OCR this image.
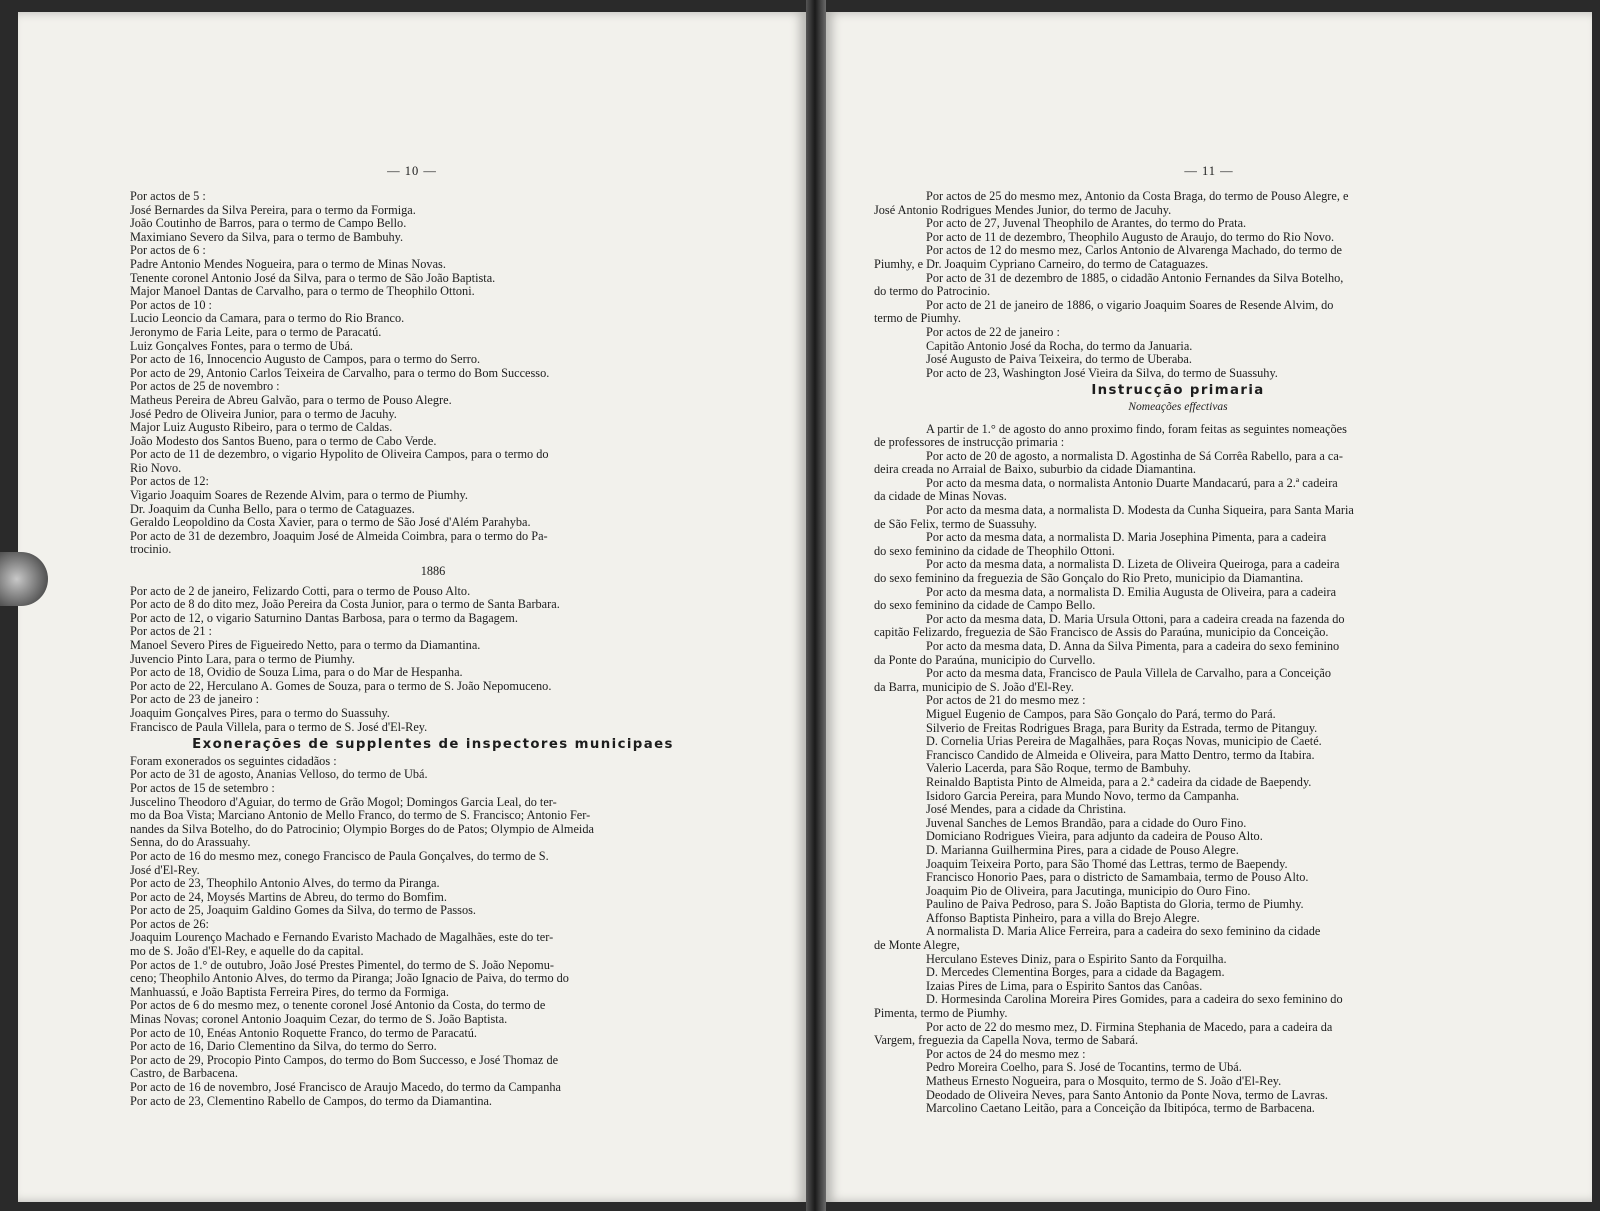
— 10 —
Por actos de 5 :
José Bernardes da Silva Pereira, para o termo da Formiga.
João Coutinho de Barros, para o termo de Campo Bello.
Maximiano Severo da Silva, para o termo de Bambuhy.
Por actos de 6 :
Padre Antonio Mendes Nogueira, para o termo de Minas Novas.
Tenente coronel Antonio José da Silva, para o termo de São João Baptista.
Major Manoel Dantas de Carvalho, para o termo de Theophilo Ottoni.
Por actos de 10 :
Lucio Leoncio da Camara, para o termo do Rio Branco.
Jeronymo de Faria Leite, para o termo de Paracatú.
Luiz Gonçalves Fontes, para o termo de Ubá.
Por acto de 16, Innocencio Augusto de Campos, para o termo do Serro.
Por acto de 29, Antonio Carlos Teixeira de Carvalho, para o termo do Bom Successo.
Por actos de 25 de novembro :
Matheus Pereira de Abreu Galvão, para o termo de Pouso Alegre.
José Pedro de Oliveira Junior, para o termo de Jacuhy.
Major Luiz Augusto Ribeiro, para o termo de Caldas.
João Modesto dos Santos Bueno, para o termo de Cabo Verde.
Por acto de 11 de dezembro, o vigario Hypolito de Oliveira Campos, para o termo do
Rio Novo.
Por actos de 12:
Vigario Joaquim Soares de Rezende Alvim, para o termo de Piumhy.
Dr. Joaquim da Cunha Bello, para o termo de Cataguazes.
Geraldo Leopoldino da Costa Xavier, para o termo de São José d'Além Parahyba.
Por acto de 31 de dezembro, Joaquim José de Almeida Coimbra, para o termo do Pa-
trocinio.
1886
Por acto de 2 de janeiro, Felizardo Cotti, para o termo de Pouso Alto.
Por acto de 8 do dito mez, João Pereira da Costa Junior, para o termo de Santa Barbara.
Por acto de 12, o vigario Saturnino Dantas Barbosa, para o termo da Bagagem.
Por actos de 21 :
Manoel Severo Pires de Figueiredo Netto, para o termo da Diamantina.
Juvencio Pinto Lara, para o termo de Piumhy.
Por acto de 18, Ovidio de Souza Lima, para o do Mar de Hespanha.
Por acto de 22, Herculano A. Gomes de Souza, para o termo de S. João Nepomuceno.
Por acto de 23 de janeiro :
Joaquim Gonçalves Pires, para o termo do Suassuhy.
Francisco de Paula Villela, para o termo de S. José d'El-Rey.
Exonerações de supplentes de inspectores municipaes
Foram exonerados os seguintes cidadãos :
Por acto de 31 de agosto, Ananias Velloso, do termo de Ubá.
Por actos de 15 de setembro :
Juscelino Theodoro d'Aguiar, do termo de Grão Mogol; Domingos Garcia Leal, do ter-
mo da Boa Vista; Marciano Antonio de Mello Franco, do termo de S. Francisco; Antonio Fer-
nandes da Silva Botelho, do do Patrocinio; Olympio Borges do de Patos; Olympio de Almeida
Senna, do do Arassuahy.
Por acto de 16 do mesmo mez, conego Francisco de Paula Gonçalves, do termo de S.
José d'El-Rey.
Por acto de 23, Theophilo Antonio Alves, do termo da Piranga.
Por acto de 24, Moysés Martins de Abreu, do termo do Bomfim.
Por acto de 25, Joaquim Galdino Gomes da Silva, do termo de Passos.
Por actos de 26:
Joaquim Lourenço Machado e Fernando Evaristo Machado de Magalhães, este do ter-
mo de S. João d'El-Rey, e aquelle do da capital.
Por actos de 1.° de outubro, João José Prestes Pimentel, do termo de S. João Nepomu-
ceno; Theophilo Antonio Alves, do termo da Piranga; João Ignacio de Paiva, do termo do
Manhuassú, e João Baptista Ferreira Pires, do termo da Formiga.
Por actos de 6 do mesmo mez, o tenente coronel José Antonio da Costa, do termo de
Minas Novas; coronel Antonio Joaquim Cezar, do termo de S. João Baptista.
Por acto de 10, Enéas Antonio Roquette Franco, do termo de Paracatú.
Por acto de 16, Dario Clementino da Silva, do termo do Serro.
Por acto de 29, Procopio Pinto Campos, do termo do Bom Successo, e José Thomaz de
Castro, de Barbacena.
Por acto de 16 de novembro, José Francisco de Araujo Macedo, do termo da Campanha
Por acto de 23, Clementino Rabello de Campos, do termo da Diamantina.
— 11 —
Por actos de 25 do mesmo mez, Antonio da Costa Braga, do termo de Pouso Alegre, e
José Antonio Rodrigues Mendes Junior, do termo de Jacuhy.
Por acto de 27, Juvenal Theophilo de Arantes, do termo do Prata.
Por acto de 11 de dezembro, Theophilo Augusto de Araujo, do termo do Rio Novo.
Por actos de 12 do mesmo mez, Carlos Antonio de Alvarenga Machado, do termo de
Piumhy, e Dr. Joaquim Cypriano Carneiro, do termo de Cataguazes.
Por acto de 31 de dezembro de 1885, o cidadão Antonio Fernandes da Silva Botelho,
do termo do Patrocinio.
Por acto de 21 de janeiro de 1886, o vigario Joaquim Soares de Resende Alvim, do
termo de Piumhy.
Por actos de 22 de janeiro :
Capitão Antonio José da Rocha, do termo da Januaria.
José Augusto de Paiva Teixeira, do termo de Uberaba.
Por acto de 23, Washington José Vieira da Silva, do termo de Suassuhy.
Instrucção primaria
Nomeações effectivas
A partir de 1.° de agosto do anno proximo findo, foram feitas as seguintes nomeações
de professores de instrucção primaria :
Por acto de 20 de agosto, a normalista D. Agostinha de Sá Corrêa Rabello, para a ca-
deira creada no Arraial de Baixo, suburbio da cidade Diamantina.
Por acto da mesma data, o normalista Antonio Duarte Mandacarú, para a 2.ª cadeira
da cidade de Minas Novas.
Por acto da mesma data, a normalista D. Modesta da Cunha Siqueira, para Santa Maria
de São Felix, termo de Suassuhy.
Por acto da mesma data, a normalista D. Maria Josephina Pimenta, para a cadeira
do sexo feminino da cidade de Theophilo Ottoni.
Por acto da mesma data, a normalista D. Lizeta de Oliveira Queiroga, para a cadeira
do sexo feminino da freguezia de São Gonçalo do Rio Preto, municipio da Diamantina.
Por acto da mesma data, a normalista D. Emilia Augusta de Oliveira, para a cadeira
do sexo feminino da cidade de Campo Bello.
Por acto da mesma data, D. Maria Ursula Ottoni, para a cadeira creada na fazenda do
capitão Felizardo, freguezia de São Francisco de Assis do Paraúna, municipio da Conceição.
Por acto da mesma data, D. Anna da Silva Pimenta, para a cadeira do sexo feminino
da Ponte do Paraúna, municipio do Curvello.
Por acto da mesma data, Francisco de Paula Villela de Carvalho, para a Conceição
da Barra, municipio de S. João d'El-Rey.
Por actos de 21 do mesmo mez :
Miguel Eugenio de Campos, para São Gonçalo do Pará, termo do Pará.
Silverio de Freitas Rodrigues Braga, para Burity da Estrada, termo de Pitanguy.
D. Cornelia Urias Pereira de Magalhães, para Roças Novas, municipio de Caeté.
Francisco Candido de Almeida e Oliveira, para Matto Dentro, termo da Itabira.
Valerio Lacerda, para São Roque, termo de Bambuhy.
Reinaldo Baptista Pinto de Almeida, para a 2.ª cadeira da cidade de Baependy.
Isidoro Garcia Pereira, para Mundo Novo, termo da Campanha.
José Mendes, para a cidade da Christina.
Juvenal Sanches de Lemos Brandão, para a cidade do Ouro Fino.
Domiciano Rodrigues Vieira, para adjunto da cadeira de Pouso Alto.
D. Marianna Guilhermina Pires, para a cidade de Pouso Alegre.
Joaquim Teixeira Porto, para São Thomé das Lettras, termo de Baependy.
Francisco Honorio Paes, para o districto de Samambaia, termo de Pouso Alto.
Joaquim Pio de Oliveira, para Jacutinga, municipio do Ouro Fino.
Paulino de Paiva Pedroso, para S. João Baptista do Gloria, termo de Piumhy.
Affonso Baptista Pinheiro, para a villa do Brejo Alegre.
A normalista D. Maria Alice Ferreira, para a cadeira do sexo feminino da cidade
de Monte Alegre,
Herculano Esteves Diniz, para o Espirito Santo da Forquilha.
D. Mercedes Clementina Borges, para a cidade da Bagagem.
Izaias Pires de Lima, para o Espirito Santos das Canôas.
D. Hormesinda Carolina Moreira Pires Gomides, para a cadeira do sexo feminino do
Pimenta, termo de Piumhy.
Por acto de 22 do mesmo mez, D. Firmina Stephania de Macedo, para a cadeira da
Vargem, freguezia da Capella Nova, termo de Sabará.
Por actos de 24 do mesmo mez :
Pedro Moreira Coelho, para S. José de Tocantins, termo de Ubá.
Matheus Ernesto Nogueira, para o Mosquito, termo de S. João d'El-Rey.
Deodado de Oliveira Neves, para Santo Antonio da Ponte Nova, termo de Lavras.
Marcolino Caetano Leitão, para a Conceição da Ibitipóca, termo de Barbacena.
